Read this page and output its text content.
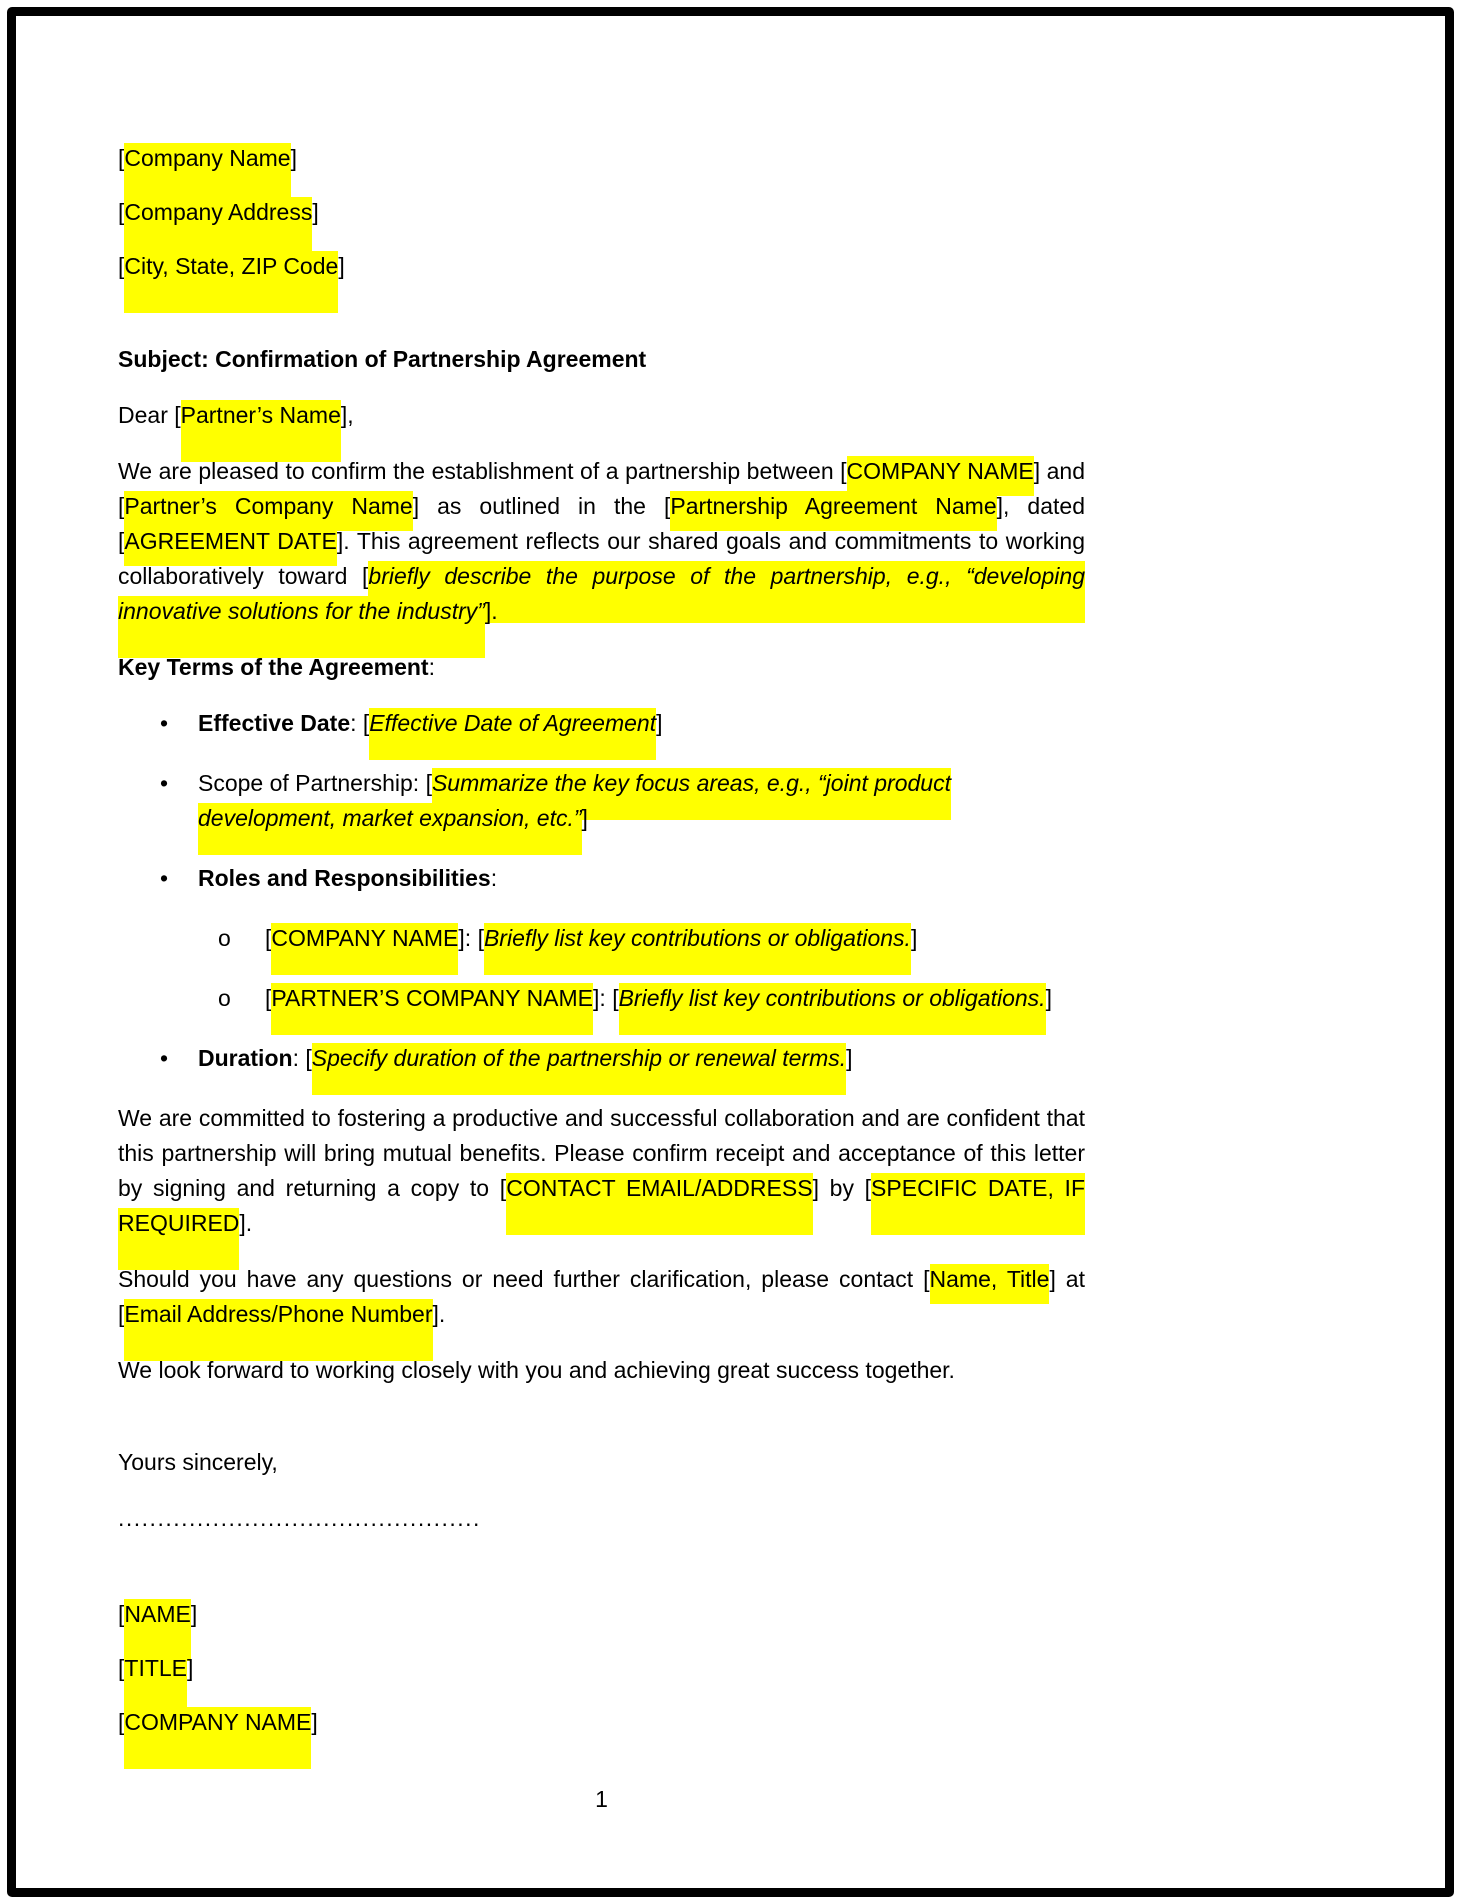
[Company Name]

[Company Address]

[City, State, ZIP Code]

Subject: Confirmation of Partnership Agreement

Dear [Partner’s Name],

We are pleased to confirm the establishment of a partnership between [COMPANY NAME] and [Partner’s Company Name] as outlined in the [Partnership Agreement Name], dated [AGREEMENT DATE]. This agreement reflects our shared goals and commitments to working collaboratively toward [briefly describe the purpose of the partnership, e.g., “developing innovative solutions for the industry”].

Key Terms of the Agreement:

• Effective Date: [Effective Date of Agreement]
• Scope of Partnership: [Summarize the key focus areas, e.g., “joint product development, market expansion, etc.”]
• Roles and Responsibilities:
o [COMPANY NAME]: [Briefly list key contributions or obligations.]
o [PARTNER’S COMPANY NAME]: [Briefly list key contributions or obligations.]
• Duration: [Specify duration of the partnership or renewal terms.]

We are committed to fostering a productive and successful collaboration and are confident that this partnership will bring mutual benefits. Please confirm receipt and acceptance of this letter by signing and returning a copy to [CONTACT EMAIL/ADDRESS] by [SPECIFIC DATE, IF REQUIRED].

Should you have any questions or need further clarification, please contact [Name, Title] at [Email Address/Phone Number].

We look forward to working closely with you and achieving great success together.

Yours sincerely,

..............................................

[NAME]

[TITLE]

[COMPANY NAME]

1
